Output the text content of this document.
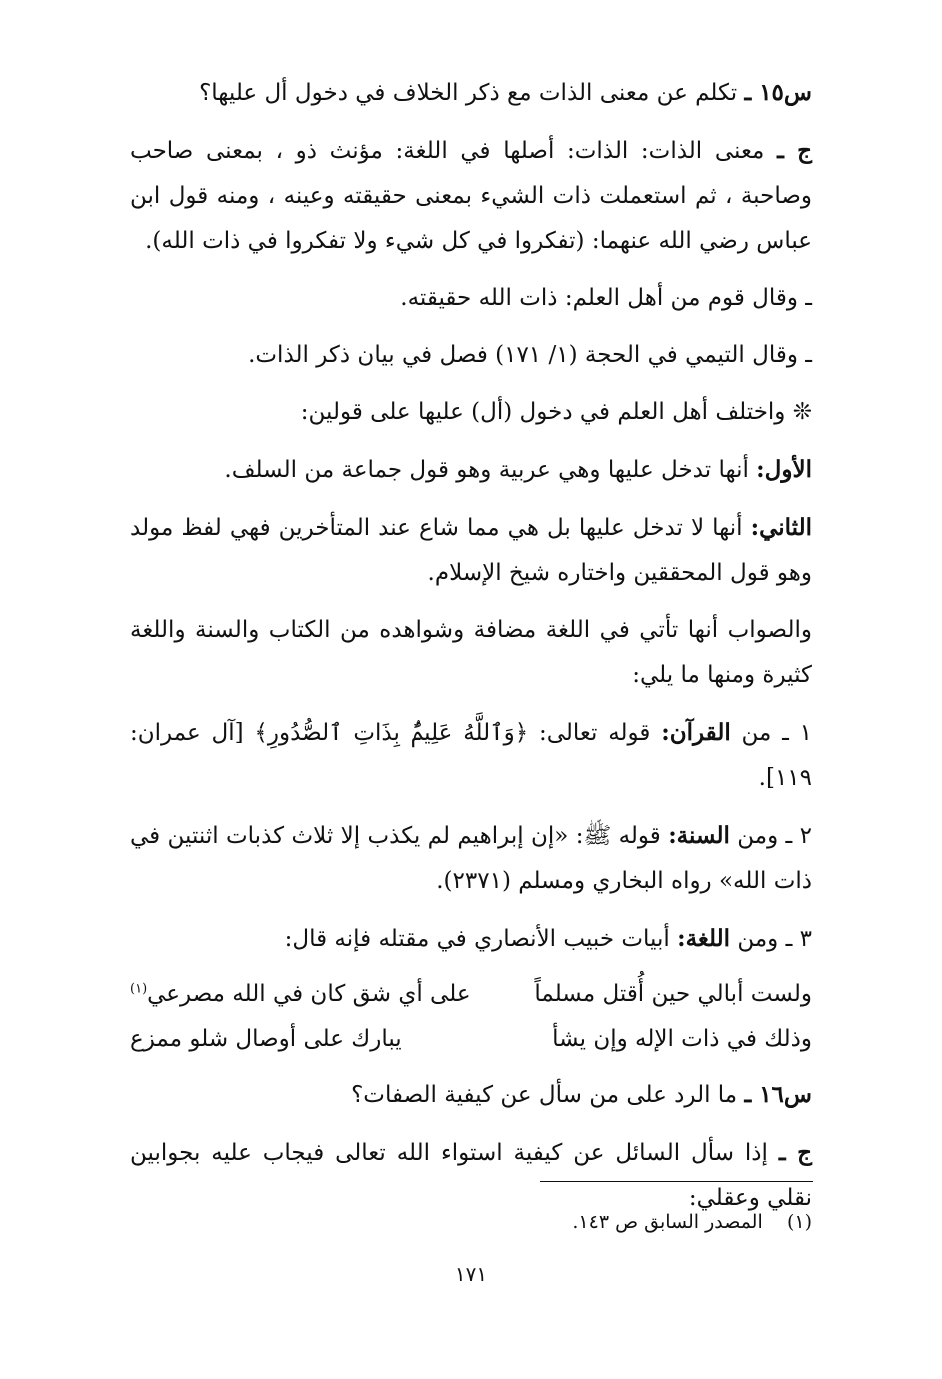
س١٥ ـ تكلم عن معنى الذات مع ذكر الخلاف في دخول أل عليها؟

ج ـ معنى الذات: الذات: أصلها في اللغة: مؤنث ذو ، بمعنى صاحب وصاحبة ، ثم استعملت ذات الشيء بمعنى حقيقته وعينه ، ومنه قول ابن عباس رضي الله عنهما: (تفكروا في كل شيء ولا تفكروا في ذات الله).

ـ وقال قوم من أهل العلم: ذات الله حقيقته.

ـ وقال التيمي في الحجة (١/ ١٧١) فصل في بيان ذكر الذات.

❊ واختلف أهل العلم في دخول (أل) عليها على قولين:

الأول: أنها تدخل عليها وهي عربية وهو قول جماعة من السلف.

الثاني: أنها لا تدخل عليها بل هي مما شاع عند المتأخرين فهي لفظ مولد وهو قول المحققين واختاره شيخ الإسلام.

والصواب أنها تأتي في اللغة مضافة وشواهده من الكتاب والسنة واللغة كثيرة ومنها ما يلي:

١ ـ من القرآن: قوله تعالى: ﴿وَٱللَّهُ عَلِيمٌۢ بِذَاتِ ٱلصُّدُورِ﴾ [آل عمران: ١١٩].

٢ ـ ومن السنة: قوله ﷺ: «إن إبراهيم لم يكذب إلا ثلاث كذبات اثنتين في ذات الله» رواه البخاري ومسلم (٢٣٧١).

٣ ـ ومن اللغة: أبيات خبيب الأنصاري في مقتله فإنه قال:

ولست أبالي حين أُقتل مسلماً
على أي شق كان في الله مصرعي$^{(١)}$
وذلك في ذات الإله وإن يشأ
يبارك على أوصال شلو ممزع

س١٦ ـ ما الرد على من سأل عن كيفية الصفات؟

ج ـ إذا سأل السائل عن كيفية استواء الله تعالى فيجاب عليه بجوابين نقلي وعقلي:

(١)    المصدر السابق ص ١٤٣.
١٧١
